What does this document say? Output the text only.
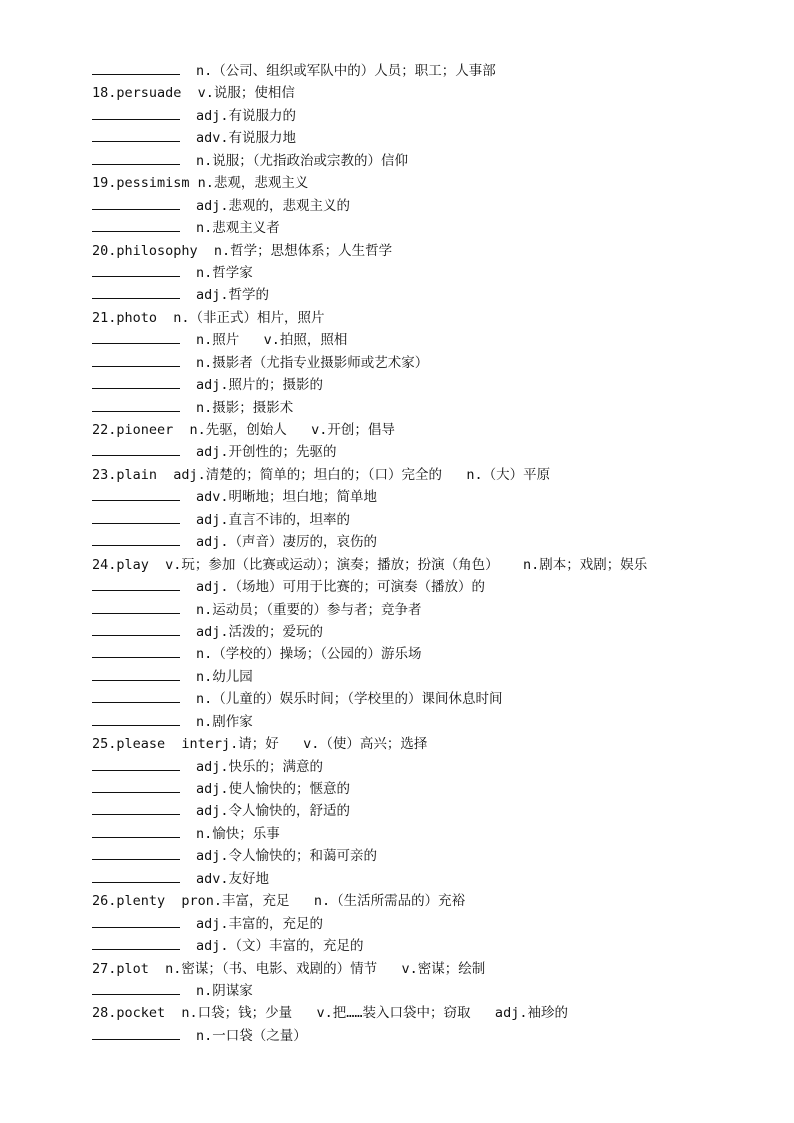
n.（公司、组织或军队中的）人员；职工；人事部
18.persuade  v.说服；使相信
adj.有说服力的
adv.有说服力地
n.说服；（尤指政治或宗教的）信仰
19.pessimism n.悲观，悲观主义
adj.悲观的，悲观主义的
n.悲观主义者
20.philosophy  n.哲学；思想体系；人生哲学
n.哲学家
adj.哲学的
21.photo  n.（非正式）相片，照片
n.照片   v.拍照，照相
n.摄影者（尤指专业摄影师或艺术家）
adj.照片的；摄影的
n.摄影；摄影术
22.pioneer  n.先驱，创始人   v.开创；倡导
adj.开创性的；先驱的
23.plain  adj.清楚的；简单的；坦白的；（口）完全的   n.（大）平原
adv.明晰地；坦白地；简单地
adj.直言不讳的，坦率的
adj.（声音）凄厉的，哀伤的
24.play  v.玩；参加（比赛或运动）；演奏；播放；扮演（角色）   n.剧本；戏剧；娱乐
adj.（场地）可用于比赛的；可演奏（播放）的
n.运动员；（重要的）参与者；竞争者
adj.活泼的；爱玩的
n.（学校的）操场；（公园的）游乐场
n.幼儿园
n.（儿童的）娱乐时间；（学校里的）课间休息时间
n.剧作家
25.please  interj.请；好   v.（使）高兴；选择
adj.快乐的；满意的
adj.使人愉快的；惬意的
adj.令人愉快的，舒适的
n.愉快；乐事
adj.令人愉快的；和蔼可亲的
adv.友好地
26.plenty  pron.丰富，充足   n.（生活所需品的）充裕
adj.丰富的，充足的
adj.（文）丰富的，充足的
27.plot  n.密谋；（书、电影、戏剧的）情节   v.密谋；绘制
n.阴谋家
28.pocket  n.口袋；钱；少量   v.把……装入口袋中；窃取   adj.袖珍的
n.一口袋（之量）
